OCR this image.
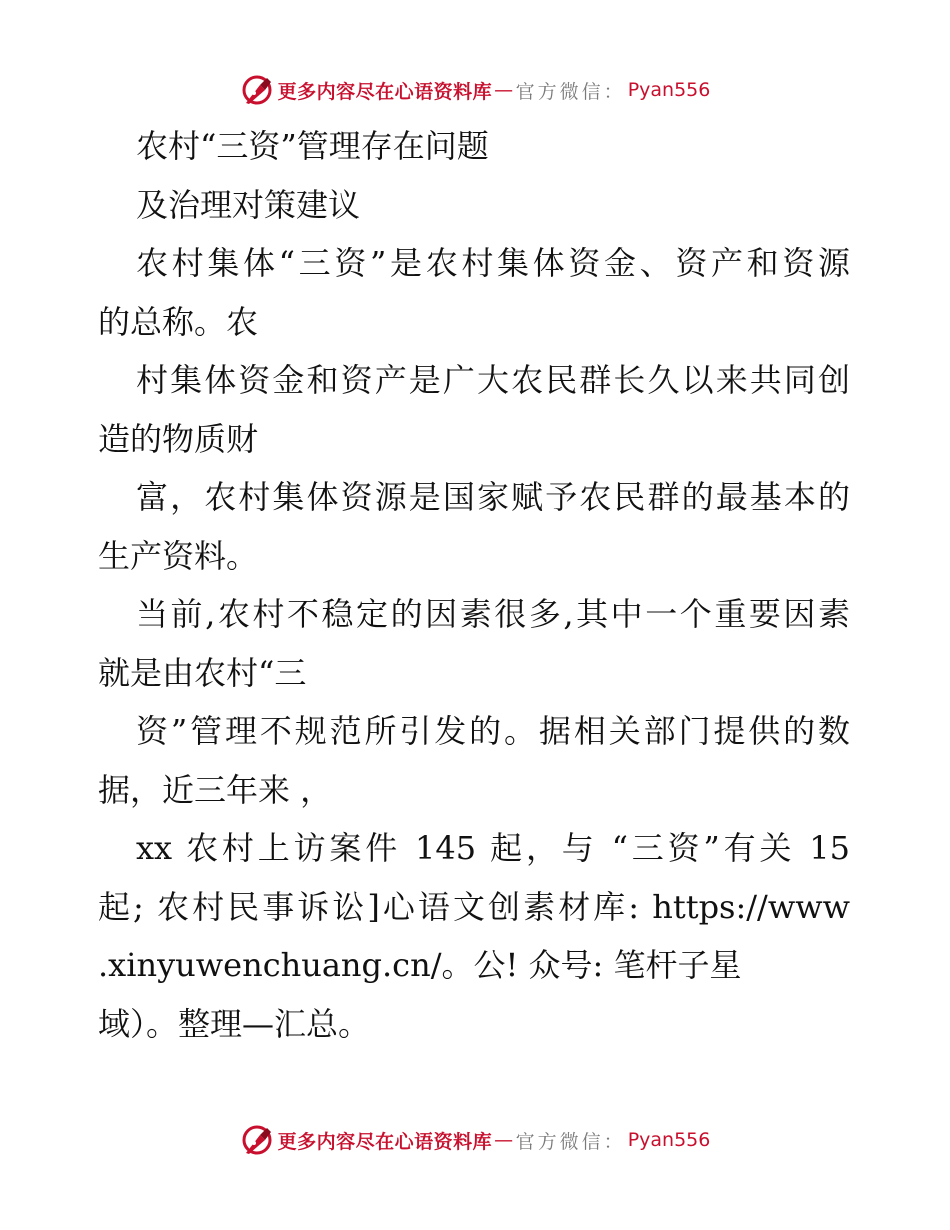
更多内容尽在心语资料库 — 官方微信： Pyan556
农村“三资”管理存在问题
及治理对策建议
农村集体“三资”是农村集体资金、资产和资源
的总称。农
村集体资金和资产是广大农民群长久以来共同创
造的物质财
富，农村集体资源是国家赋予农民群的最基本的
生产资料。
当前,农村不稳定的因素很多,其中一个重要因素
就是由农村“三
资”管理不规范所引发的。据相关部门提供的数
据，近三年来 ，
xx 农村上访案件 145 起，与 “三资”有关 15
起; 农村民事诉讼]心语文创素材库: https://www
.xinyuwenchuang.cn/。公! 众号: 笔杆子星
域）。整理—汇总。
更多内容尽在心语资料库 — 官方微信： Pyan556
